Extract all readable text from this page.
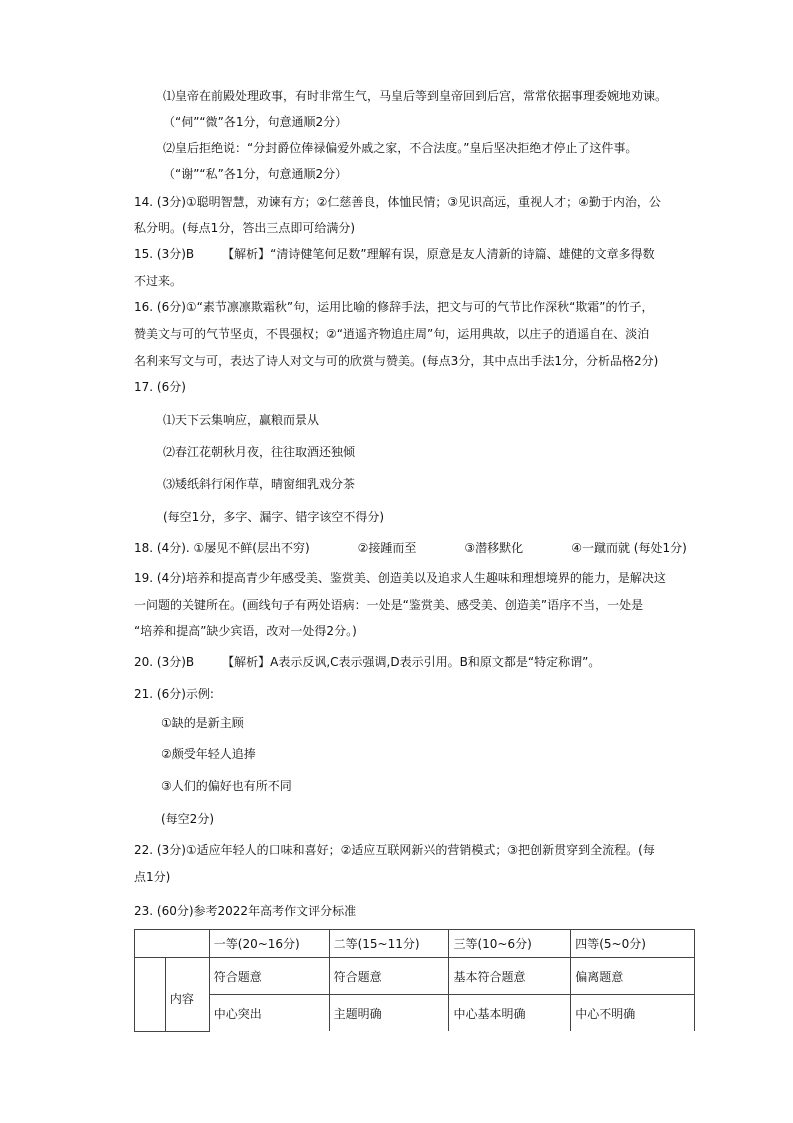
⑴皇帝在前殿处理政事，有时非常生气，马皇后等到皇帝回到后宫，常常依据事理委婉地劝谏。
（“伺”“微”各1分，句意通顺2分）
⑵皇后拒绝说：“分封爵位俸禄偏爱外戚之家，不合法度。”皇后坚决拒绝才停止了这件事。
（“谢”“私”各1分，句意通顺2分）
14. (3分)①聪明智慧，劝谏有方；②仁慈善良，体恤民情；③见识高远，重视人才；④勤于内治，公
私分明。(每点1分，答出三点即可给满分)
15. (3分)B 【解析】“清诗健笔何足数”理解有误，原意是友人清新的诗篇、雄健的文章多得数
不过来。
16. (6分)①“素节凛凛欺霜秋”句，运用比喻的修辞手法，把文与可的气节比作深秋“欺霜”的竹子，
赞美文与可的气节坚贞，不畏强权；②“逍遥齐物追庄周”句，运用典故，以庄子的逍遥自在、淡泊
名利来写文与可，表达了诗人对文与可的欣赏与赞美。(每点3分，其中点出手法1分，分析品格2分)
17. (6分)
⑴天下云集响应，赢粮而景从
⑵春江花朝秋月夜，往往取酒还独倾
⑶矮纸斜行闲作草，晴窗细乳戏分茶
(每空1分，多字、漏字、错字该空不得分)
18. (4分). ①屡见不鲜(层出不穷)	②接踵而至	③潜移默化	④一蹴而就 (每处1分)
19. (4分)培养和提高青少年感受美、鉴赏美、创造美以及追求人生趣味和理想境界的能力，是解决这
一问题的关键所在。(画线句子有两处语病：一处是“鉴赏美、感受美、创造美”语序不当，一处是
“培养和提高”缺少宾语，改对一处得2分。)
20. (3分)B 【解析】A表示反讽,C表示强调,D表示引用。B和原文都是“特定称谓”。
21. (6分)示例:
①缺的是新主顾
②颇受年轻人追捧
③人们的偏好也有所不同
(每空2分)
22. (3分)①适应年轻人的口味和喜好；②适应互联网新兴的营销模式；③把创新贯穿到全流程。(每
点1分)
23. (60分)参考2022年高考作文评分标准
		一等(20~16分)	二等(15~11分)	三等(10~6分)	四等(5~0分)
	内容	符合题意	符合题意	基本符合题意	偏离题意
		中心突出	主题明确	中心基本明确	中心不明确
